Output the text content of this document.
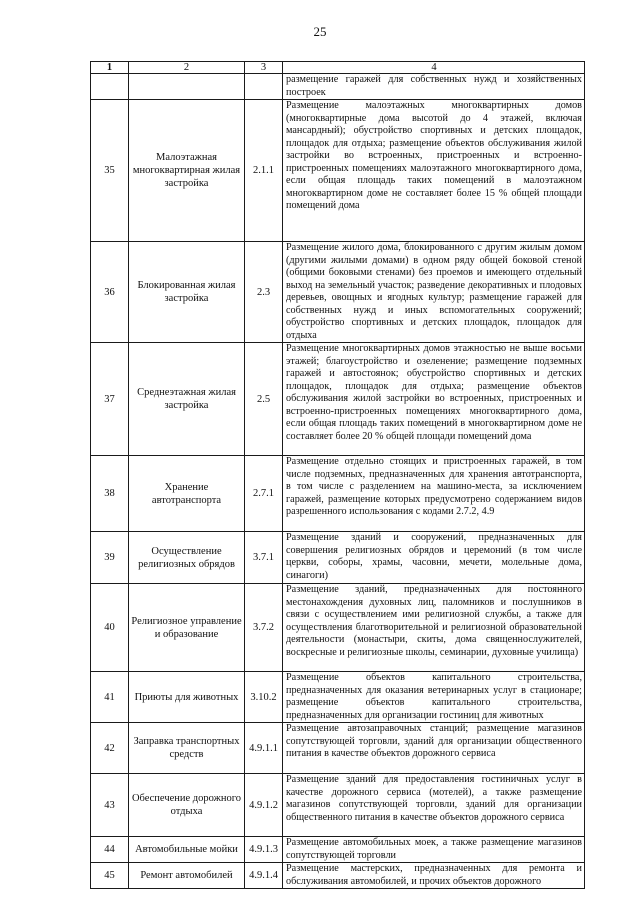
25
1	2	3	4
			размещение гаражей для собственных нужд и хозяйственных построек
35	Малоэтажная многоквартирная жилая застройка	2.1.1	Размещение малоэтажных многоквартирных домов (многоквартирные дома высотой до 4 этажей, включая мансардный); обустройство спортивных и детских площадок, площадок для отдыха; размещение объектов обслуживания жилой застройки во встроенных, пристроенных и встроенно-пристроенных помещениях малоэтажного многоквартирного дома, если общая площадь таких помещений в малоэтажном многоквартирном доме не составляет более 15 % общей площади помещений дома
36	Блокированная жилая застройка	2.3	Размещение жилого дома, блокированного с другим жилым домом (другими жилыми домами) в одном ряду общей боковой стеной (общими боковыми стенами) без проемов и имеющего отдельный выход на земельный участок; разведение декоративных и плодовых деревьев, овощных и ягодных культур; размещение гаражей для собственных нужд и иных вспомогательных сооружений; обустройство спортивных и детских площадок, площадок для отдыха
37	Среднеэтажная жилая застройка	2.5	Размещение многоквартирных домов этажностью не выше восьми этажей; благоустройство и озеленение; размещение подземных гаражей и автостоянок; обустройство спортивных и детских площадок, площадок для отдыха; размещение объектов обслуживания жилой застройки во встроенных, пристроенных и встроенно-пристроенных помещениях многоквартирного дома, если общая площадь таких помещений в многоквартирном доме не составляет более 20 % общей площади помещений дома
38	Хранение автотранспорта	2.7.1	Размещение отдельно стоящих и пристроенных гаражей, в том числе подземных, предназначенных для хранения автотранспорта, в том числе с разделением на машино-места, за исключением гаражей, размещение которых предусмотрено содержанием видов разрешенного использования с кодами 2.7.2, 4.9
39	Осуществление религиозных обрядов	3.7.1	Размещение зданий и сооружений, предназначенных для совершения религиозных обрядов и церемоний (в том числе церкви, соборы, храмы, часовни, мечети, молельные дома, синагоги)
40	Религиозное управление и образование	3.7.2	Размещение зданий, предназначенных для постоянного местонахождения духовных лиц, паломников и послушников в связи с осуществлением ими религиозной службы, а также для осуществления благотворительной и религиозной образовательной деятельности (монастыри, скиты, дома священнослужителей, воскресные и религиозные школы, семинарии, духовные училища)
41	Приюты для животных	3.10.2	Размещение объектов капитального строительства, предназначенных для оказания ветеринарных услуг в стационаре; размещение объектов капитального строительства, предназначенных для организации гостиниц для животных
42	Заправка транспортных средств	4.9.1.1	Размещение автозаправочных станций; размещение магазинов сопутствующей торговли, зданий для организации общественного питания в качестве объектов дорожного сервиса
43	Обеспечение дорожного отдыха	4.9.1.2	Размещение зданий для предоставления гостиничных услуг в качестве дорожного сервиса (мотелей), а также размещение магазинов сопутствующей торговли, зданий для организации общественного питания в качестве объектов дорожного сервиса
44	Автомобильные мойки	4.9.1.3	Размещение автомобильных моек, а также размещение магазинов сопутствующей торговли
45	Ремонт автомобилей	4.9.1.4	Размещение мастерских, предназначенных для ремонта и обслуживания автомобилей, и прочих объектов дорожного
